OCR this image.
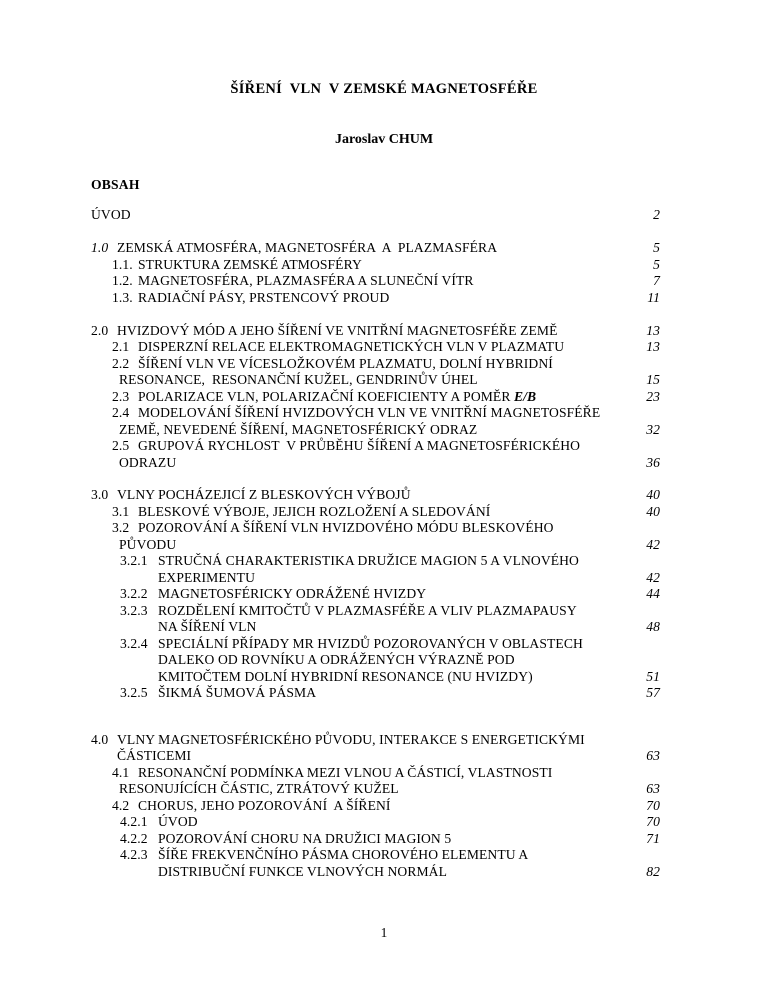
ŠÍŘENÍ  VLN  V ZEMSKÉ MAGNETOSFÉŘE
Jaroslav CHUM
OBSAH
ÚVOD	2
1.0 ZEMSKÁ ATMOSFÉRA, MAGNETOSFÉRA  A  PLAZMASFÉRA	5
1.1. STRUKTURA ZEMSKÉ ATMOSFÉRY	5
1.2. MAGNETOSFÉRA, PLAZMASFÉRA A SLUNEČNÍ VÍTR	7
1.3. RADIAČNÍ PÁSY, PRSTENCOVÝ PROUD	11
2.0 HVIZDOVÝ MÓD A JEHO ŠÍŘENÍ VE VNITŘNÍ MAGNETOSFÉŘE ZEMĚ	13
2.1 DISPERZNÍ RELACE ELEKTROMAGNETICKÝCH VLN V PLAZMATU	13
2.2 ŠÍŘENÍ VLN VE VÍCESLOŽKOVÉM PLAZMATU, DOLNÍ HYBRIDNÍ
RESONANCE,  RESONANČNÍ KUŽEL, GENDRINŮV ÚHEL	15
2.3 POLARIZACE VLN, POLARIZAČNÍ KOEFICIENTY A POMĚR E/B	23
2.4 MODELOVÁNÍ ŠÍŘENÍ HVIZDOVÝCH VLN VE VNITŘNÍ MAGNETOSFÉŘE
ZEMĚ, NEVEDENÉ ŠÍŘENÍ, MAGNETOSFÉRICKÝ ODRAZ	32
2.5 GRUPOVÁ RYCHLOST  V PRŮBĚHU ŠÍŘENÍ A MAGNETOSFÉRICKÉHO
ODRAZU	36
3.0 VLNY POCHÁZEJICÍ Z BLESKOVÝCH VÝBOJŮ	40
3.1 BLESKOVÉ VÝBOJE, JEJICH ROZLOŽENÍ A SLEDOVÁNÍ	40
3.2 POZOROVÁNÍ A ŠÍŘENÍ VLN HVIZDOVÉHO MÓDU BLESKOVÉHO
PŮVODU	42
3.2.1 STRUČNÁ CHARAKTERISTIKA DRUŽICE MAGION 5 A VLNOVÉHO
EXPERIMENTU	42
3.2.2 MAGNETOSFÉRICKY ODRÁŽENÉ HVIZDY	44
3.2.3 ROZDĚLENÍ KMITOČTŮ V PLAZMASFÉŘE A VLIV PLAZMAPAUSY
NA ŠÍŘENÍ VLN	48
3.2.4 SPECIÁLNÍ PŘÍPADY MR HVIZDŮ POZOROVANÝCH V OBLASTECH
DALEKO OD ROVNÍKU A ODRÁŽENÝCH VÝRAZNĚ POD
KMITOČTEM DOLNÍ HYBRIDNÍ RESONANCE (NU HVIZDY)	51
3.2.5 ŠIKMÁ ŠUMOVÁ PÁSMA	57
4.0 VLNY MAGNETOSFÉRICKÉHO PŮVODU, INTERAKCE S ENERGETICKÝMI
ČÁSTICEMI	63
4.1 RESONANČNÍ PODMÍNKA MEZI VLNOU A ČÁSTICÍ, VLASTNOSTI
RESONUJÍCÍCH ČÁSTIC, ZTRÁTOVÝ KUŽEL	63
4.2 CHORUS, JEHO POZOROVÁNÍ  A ŠÍŘENÍ	70
4.2.1 ÚVOD	70
4.2.2 POZOROVÁNÍ CHORU NA DRUŽICI MAGION 5	71
4.2.3 ŠÍŘE FREKVENČNÍHO PÁSMA CHOROVÉHO ELEMENTU A
DISTRIBUČNÍ FUNKCE VLNOVÝCH NORMÁL	82
1
